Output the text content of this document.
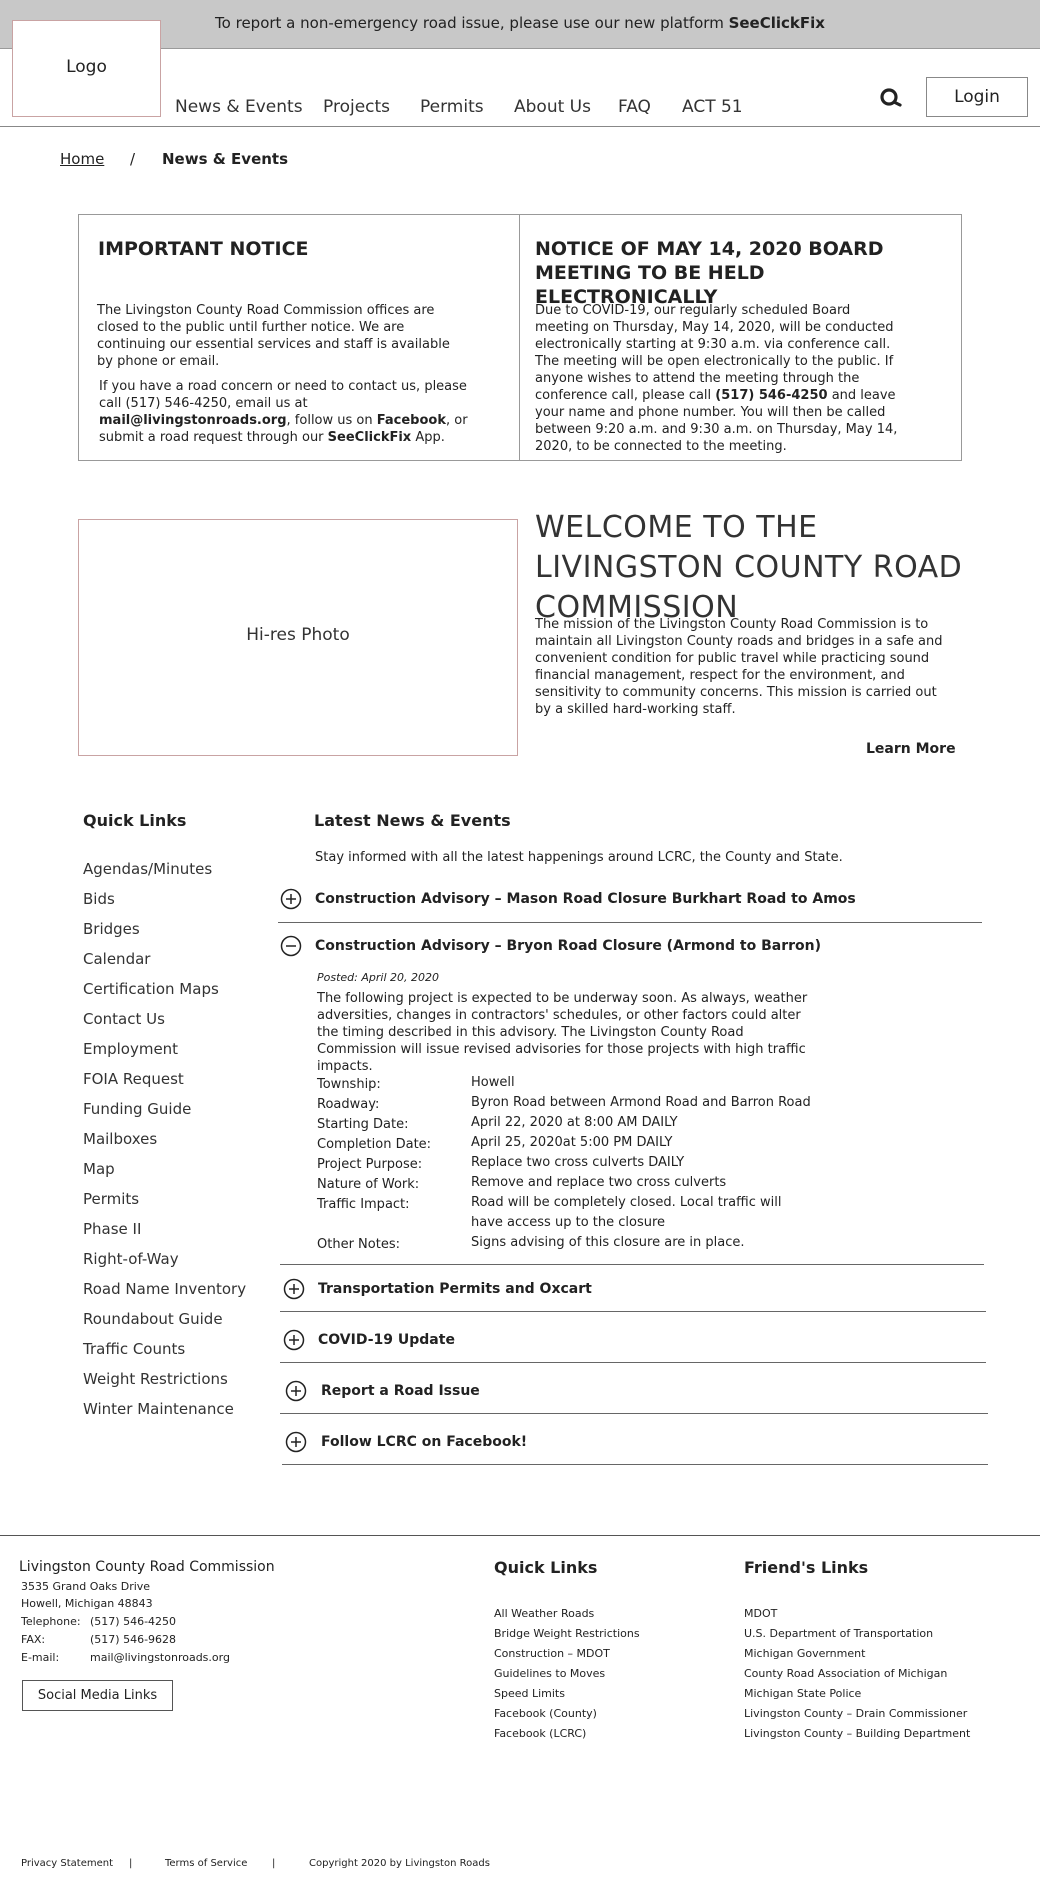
To report a non-emergency road issue, please use our new platform SeeClickFix
Logo
News & Events Projects Permits About Us FAQ ACT 51	Login
Home / News & Events
IMPORTANT NOTICE
The Livingston County Road Commission offices are closed to the public until further notice. We are continuing our essential services and staff is available by phone or email.
If you have a road concern or need to contact us, please call (517) 546-4250, email us at mail@livingstonroads.org, follow us on Facebook, or submit a road request through our SeeClickFix App.
NOTICE OF MAY 14, 2020 BOARD MEETING TO BE HELD ELECTRONICALLY
Due to COVID-19, our regularly scheduled Board meeting on Thursday, May 14, 2020, will be conducted electronically starting at 9:30 a.m. via conference call. The meeting will be open electronically to the public. If anyone wishes to attend the meeting through the conference call, please call (517) 546-4250 and leave your name and phone number. You will then be called between 9:20 a.m. and 9:30 a.m. on Thursday, May 14, 2020, to be connected to the meeting.
Hi-res Photo
WELCOME TO THE LIVINGSTON COUNTY ROAD COMMISSION
The mission of the Livingston County Road Commission is to maintain all Livingston County roads and bridges in a safe and convenient condition for public travel while practicing sound financial management, respect for the environment, and sensitivity to community concerns. This mission is carried out by a skilled hard-working staff.
Learn More
Quick Links
Agendas/Minutes
Bids
Bridges
Calendar
Certification Maps
Contact Us
Employment
FOIA Request
Funding Guide
Mailboxes
Map
Permits
Phase II
Right-of-Way
Road Name Inventory
Roundabout Guide
Traffic Counts
Weight Restrictions
Winter Maintenance
Latest News & Events
Stay informed with all the latest happenings around LCRC, the County and State.
Construction Advisory – Mason Road Closure Burkhart Road to Amos
Construction Advisory – Bryon Road Closure (Armond to Barron)
Posted: April 20, 2020
The following project is expected to be underway soon. As always, weather adversities, changes in contractors' schedules, or other factors could alter the timing described in this advisory. The Livingston County Road Commission will issue revised advisories for those projects with high traffic impacts.
Township:	Howell
Roadway:	Byron Road between Armond Road and Barron Road
Starting Date:	April 22, 2020 at 8:00 AM DAILY
Completion Date:	April 25, 2020at 5:00 PM DAILY
Project Purpose:	Replace two cross culverts DAILY
Nature of Work:	Remove and replace two cross culverts
Traffic Impact:	Road will be completely closed. Local traffic will have access up to the closure
Other Notes:	Signs advising of this closure are in place.
Transportation Permits and Oxcart
COVID-19 Update
Report a Road Issue
Follow LCRC on Facebook!
Livingston County Road Commission
3535 Grand Oaks Drive
Howell, Michigan 48843
Telephone: (517) 546-4250
FAX:	(517) 546-9628
E-mail:	mail@livingstonroads.org
Social Media Links
Quick Links
All Weather Roads
Bridge Weight Restrictions
Construction – MDOT
Guidelines to Moves
Speed Limits
Facebook (County)
Facebook (LCRC)
Friend's Links
MDOT
U.S. Department of Transportation
Michigan Government
County Road Association of Michigan
Michigan State Police
Livingston County – Drain Commissioner
Livingston County – Building Department
Privacy Statement |	Terms of Service |	Copyright 2020 by Livingston Roads
